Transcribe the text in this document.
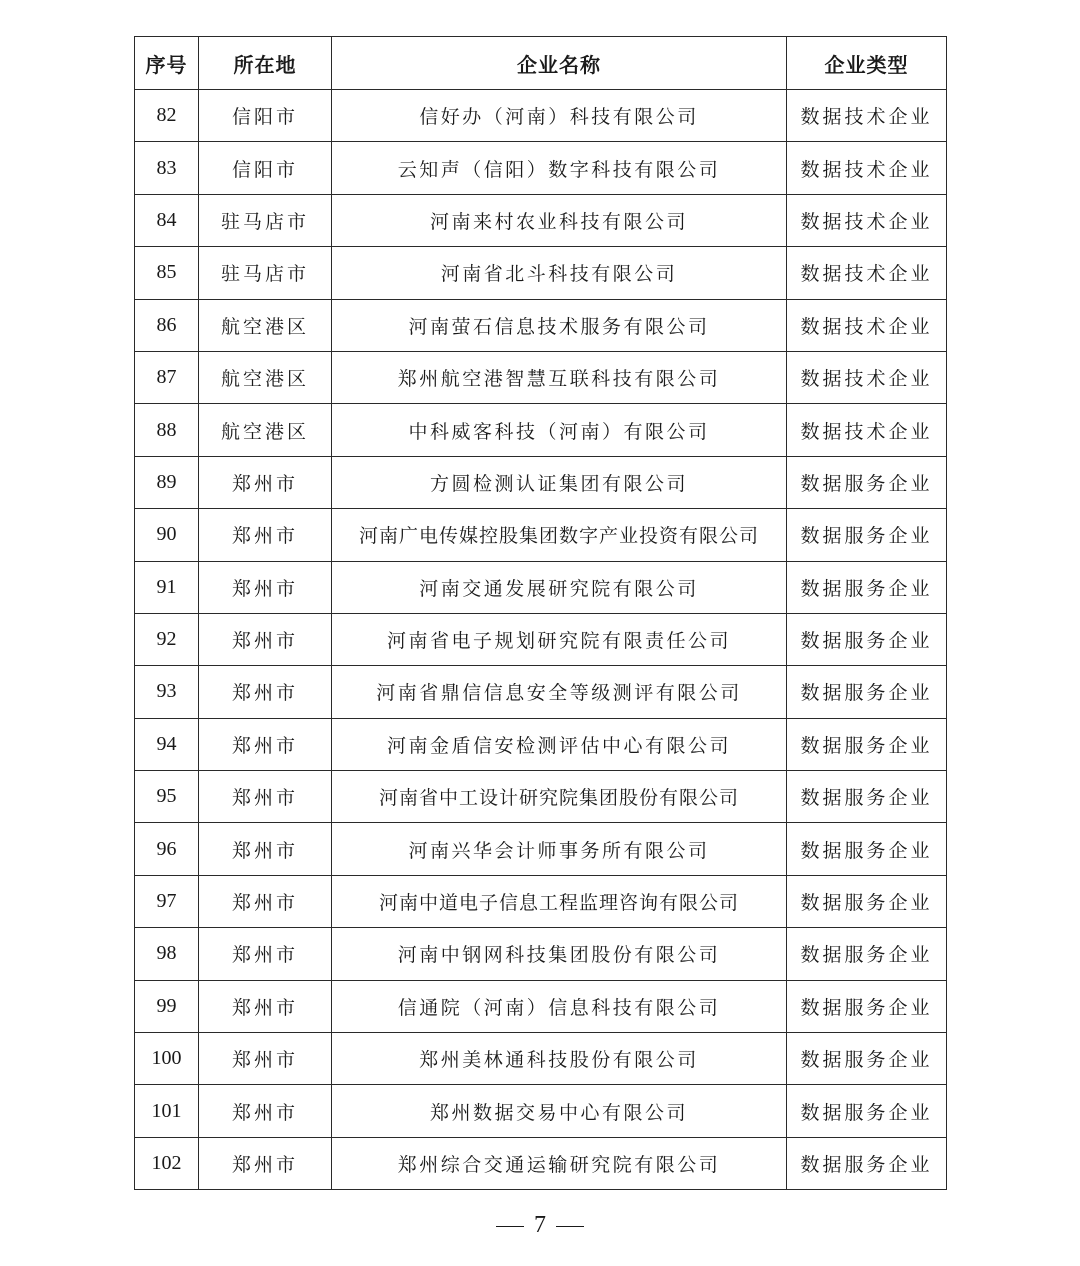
序号	所在地	企业名称	企业类型
82	信阳市	信好办（河南）科技有限公司	数据技术企业
83	信阳市	云知声（信阳）数字科技有限公司	数据技术企业
84	驻马店市	河南来村农业科技有限公司	数据技术企业
85	驻马店市	河南省北斗科技有限公司	数据技术企业
86	航空港区	河南萤石信息技术服务有限公司	数据技术企业
87	航空港区	郑州航空港智慧互联科技有限公司	数据技术企业
88	航空港区	中科威客科技（河南）有限公司	数据技术企业
89	郑州市	方圆检测认证集团有限公司	数据服务企业
90	郑州市	河南广电传媒控股集团数字产业投资有限公司	数据服务企业
91	郑州市	河南交通发展研究院有限公司	数据服务企业
92	郑州市	河南省电子规划研究院有限责任公司	数据服务企业
93	郑州市	河南省鼎信信息安全等级测评有限公司	数据服务企业
94	郑州市	河南金盾信安检测评估中心有限公司	数据服务企业
95	郑州市	河南省中工设计研究院集团股份有限公司	数据服务企业
96	郑州市	河南兴华会计师事务所有限公司	数据服务企业
97	郑州市	河南中道电子信息工程监理咨询有限公司	数据服务企业
98	郑州市	河南中钢网科技集团股份有限公司	数据服务企业
99	郑州市	信通院（河南）信息科技有限公司	数据服务企业
100	郑州市	郑州美林通科技股份有限公司	数据服务企业
101	郑州市	郑州数据交易中心有限公司	数据服务企业
102	郑州市	郑州综合交通运输研究院有限公司	数据服务企业
7
